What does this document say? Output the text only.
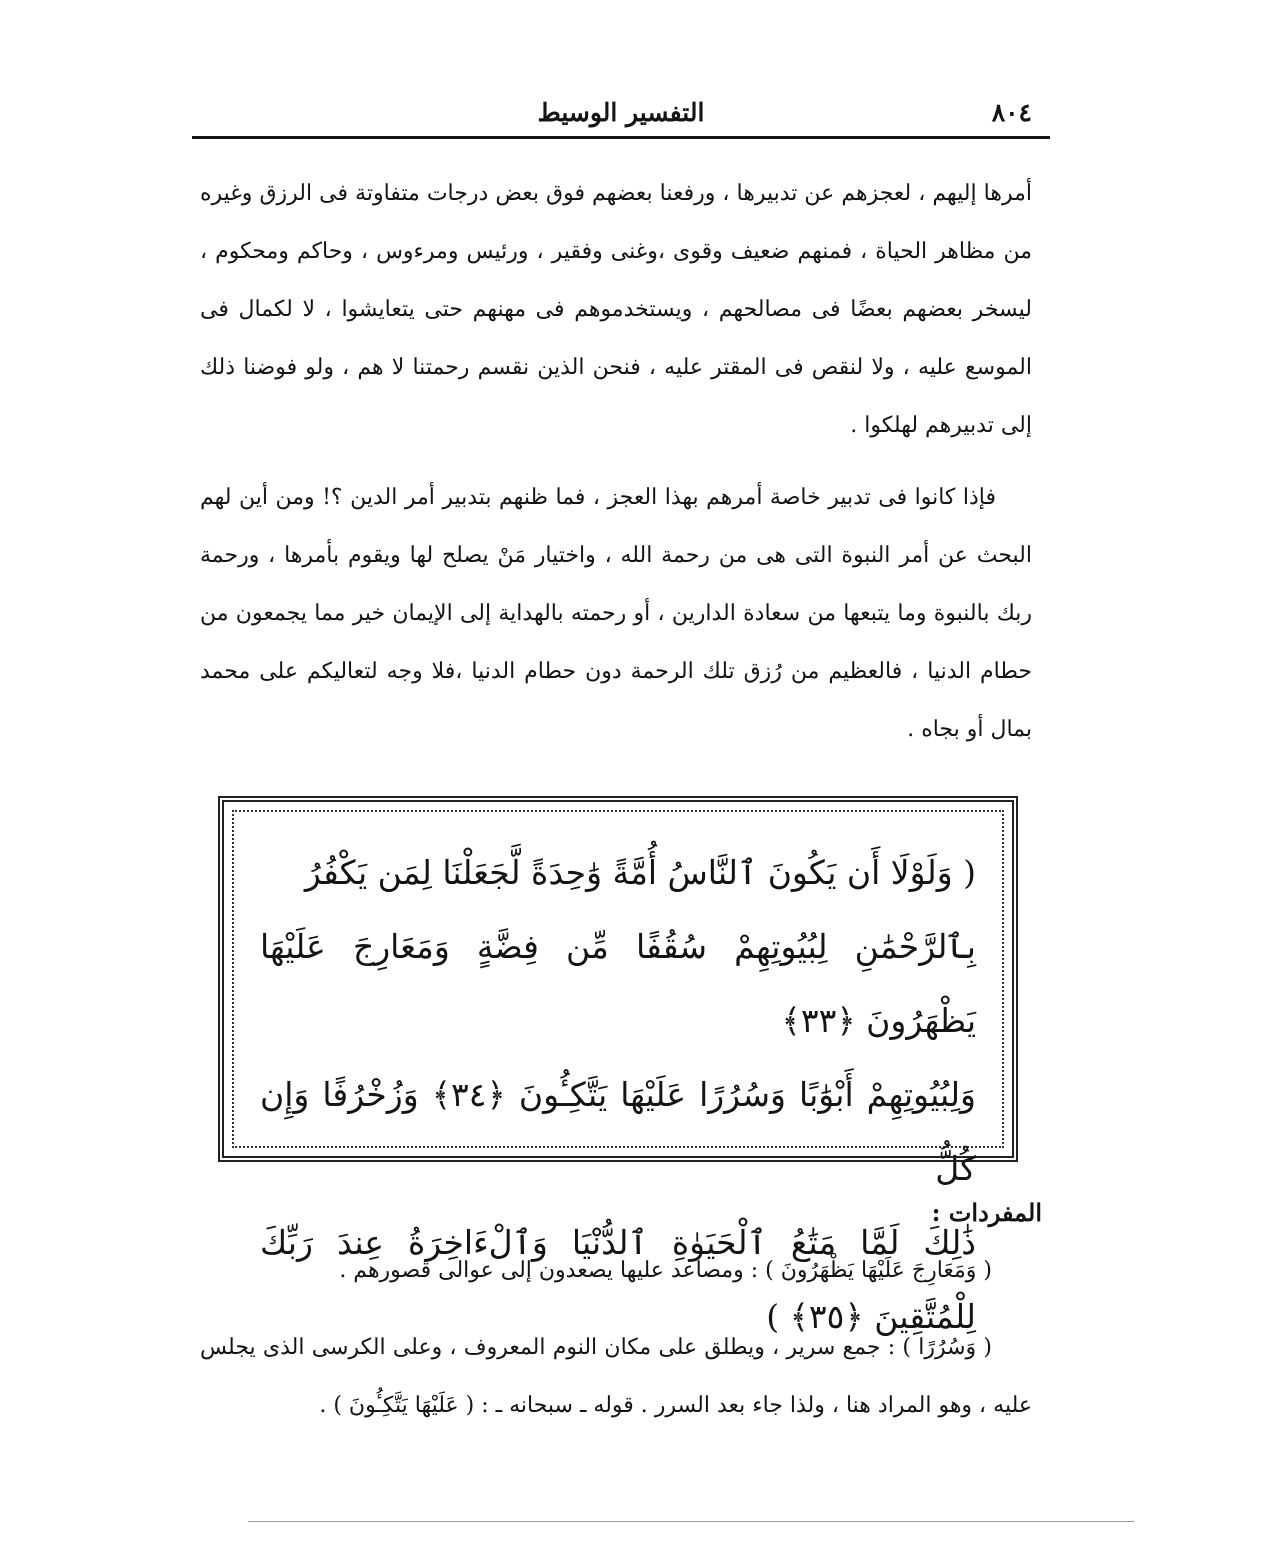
التفسير الوسيط	٨٠٤

أمرها إليهم ، لعجزهم عن تدبيرها ، ورفعنا بعضهم فوق بعض درجات متفاوتة فى الرزق وغيره من مظاهر الحياة ، فمنهم ضعيف وقوى ،وغنى وفقير ، ورئيس ومرءوس ، وحاكم ومحكوم ، ليسخر بعضهم بعضًا فى مصالحهم ، ويستخدموهم فى مهنهم حتى يتعايشوا ، لا لكمال فى الموسع عليه ، ولا لنقص فى المقتر عليه ، فنحن الذين نقسم رحمتنا لا هم ، ولو فوضنا ذلك إلى تدبيرهم لهلكوا .

فإذا كانوا فى تدبير خاصة أمرهم بهذا العجز ، فما ظنهم بتدبير أمر الدين ؟! ومن أين لهم البحث عن أمر النبوة التى هى من رحمة الله ، واختيار مَنْ يصلح لها ويقوم بأمرها ، ورحمة ربك بالنبوة وما يتبعها من سعادة الدارين ، أو رحمته بالهداية إلى الإيمان خير مما يجمعون من حطام الدنيا ، فالعظيم من رُزق تلك الرحمة دون حطام الدنيا ،فلا وجه لتعاليكم على محمد بمال أو بجاه .

( وَلَوْلَا أَن يَكُونَ ٱلنَّاسُ أُمَّةً وَٰحِدَةً لَّجَعَلْنَا لِمَن يَكْفُرُ

بِٱلرَّحْمَٰنِ لِبُيُوتِهِمْ سُقُفًا مِّن فِضَّةٍ وَمَعَارِجَ عَلَيْهَا يَظْهَرُونَ ﴿٣٣﴾

وَلِبُيُوتِهِمْ أَبْوَٰبًا وَسُرُرًا عَلَيْهَا يَتَّكِـُٔونَ ﴿٣٤﴾ وَزُخْرُفًا وَإِن كُلُّ

ذَٰلِكَ لَمَّا مَتَٰعُ ٱلْحَيَوٰةِ ٱلدُّنْيَا وَٱلْءَاخِرَةُ عِندَ رَبِّكَ لِلْمُتَّقِينَ ﴿٣٥﴾ )

المفردات :

( وَمَعَارِجَ عَلَيْهَا يَظْهَرُونَ ) : ومصاعد عليها يصعدون إلى عوالى قصورهم .

( وَسُرُرًا ) : جمع سرير ، ويطلق على مكان النوم المعروف ، وعلى الكرسى الذى يجلس عليه ، وهو المراد هنا ، ولذا جاء بعد السرر . قوله ـ سبحانه ـ : ( عَلَيْهَا يَتَّكِـُٔونَ ) .
